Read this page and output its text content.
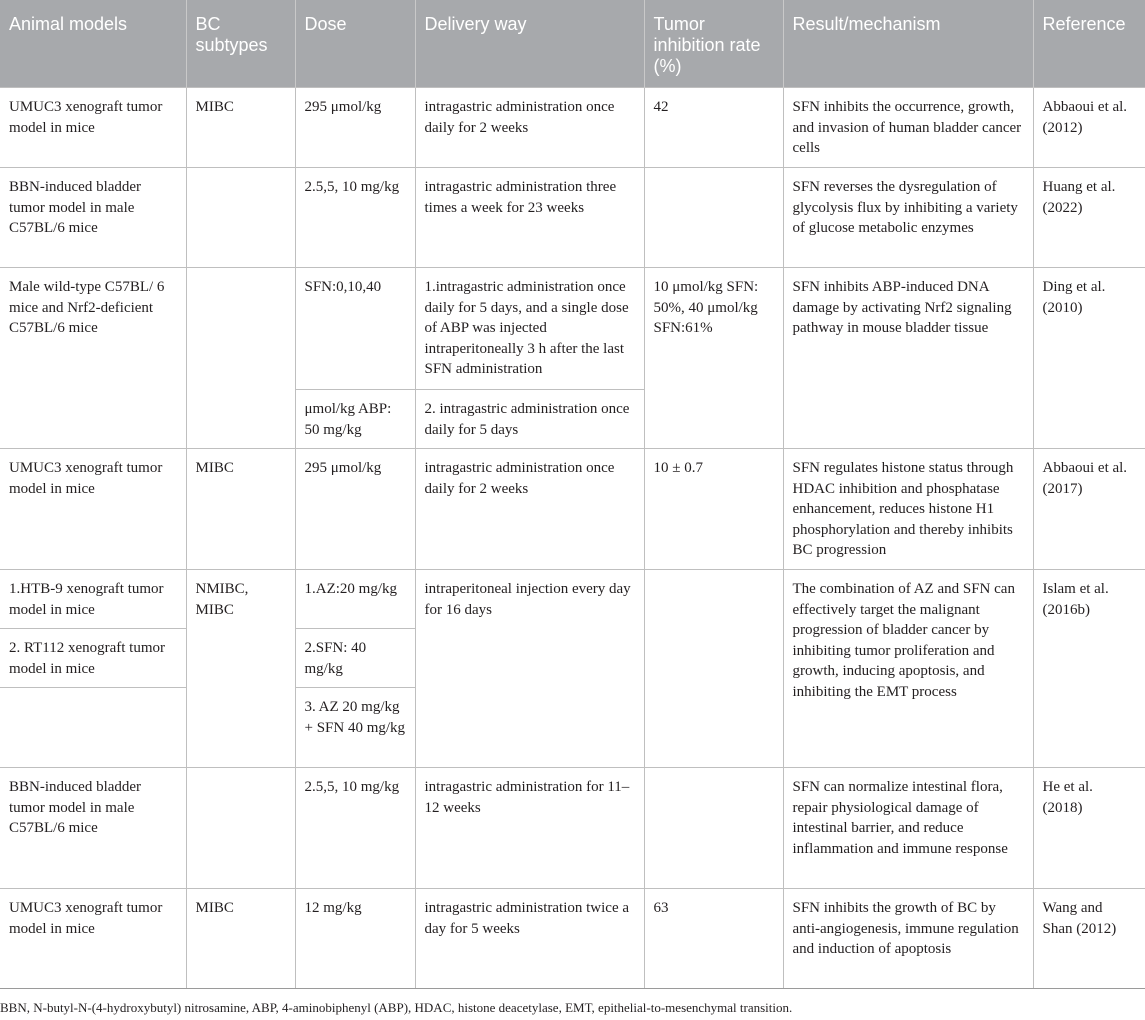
Animal models	BC subtypes	Dose	Delivery way	Tumor inhibition rate (%)	Result/mechanism	Reference
UMUC3 xenograft tumor model in mice	MIBC	295 μmol/kg	intragastric administration once daily for 2 weeks	42	SFN inhibits the occurrence, growth, and invasion of human bladder cancer cells	Abbaoui et al. (2012)
BBN-induced bladder tumor model in male C57BL/6 mice		2.5,5, 10 mg/kg	intragastric administration three times a week for 23 weeks		SFN reverses the dysregulation of glycolysis flux by inhibiting a variety of glucose metabolic enzymes	Huang et al. (2022)
Male wild-type C57BL/ 6 mice and Nrf2-deficient C57BL/6 mice		SFN:0,10,40	1.intragastric administration once daily for 5 days, and a single dose of ABP was injected intraperitoneally 3 h after the last SFN administration	10 μmol/kg SFN: 50%, 40 μmol/kg SFN:61%	SFN inhibits ABP-induced DNA damage by activating Nrf2 signaling pathway in mouse bladder tissue	Ding et al. (2010)
		μmol/kg ABP: 50 mg/kg	2. intragastric administration once daily for 5 days			
UMUC3 xenograft tumor model in mice	MIBC	295 μmol/kg	intragastric administration once daily for 2 weeks	10 ± 0.7	SFN regulates histone status through HDAC inhibition and phosphatase enhancement, reduces histone H1 phosphorylation and thereby inhibits BC progression	Abbaoui et al. (2017)
1.HTB-9 xenograft tumor model in mice	NMIBC, MIBC	1.AZ:20 mg/kg	intraperitoneal injection every day for 16 days		The combination of AZ and SFN can effectively target the malignant progression of bladder cancer by inhibiting tumor proliferation and growth, inducing apoptosis, and inhibiting the EMT process	Islam et al. (2016b)
2. RT112 xenograft tumor model in mice		2.SFN: 40 mg/kg				
		3. AZ 20 mg/kg + SFN 40 mg/kg				
BBN-induced bladder tumor model in male C57BL/6 mice		2.5,5, 10 mg/kg	intragastric administration for 11–12 weeks		SFN can normalize intestinal flora, repair physiological damage of intestinal barrier, and reduce inflammation and immune response	He et al. (2018)
UMUC3 xenograft tumor model in mice	MIBC	12 mg/kg	intragastric administration twice a day for 5 weeks	63	SFN inhibits the growth of BC by anti-angiogenesis, immune regulation and induction of apoptosis	Wang and Shan (2012)
BBN, N-butyl-N-(4-hydroxybutyl) nitrosamine, ABP, 4-aminobiphenyl (ABP), HDAC, histone deacetylase, EMT, epithelial-to-mesenchymal transition.
